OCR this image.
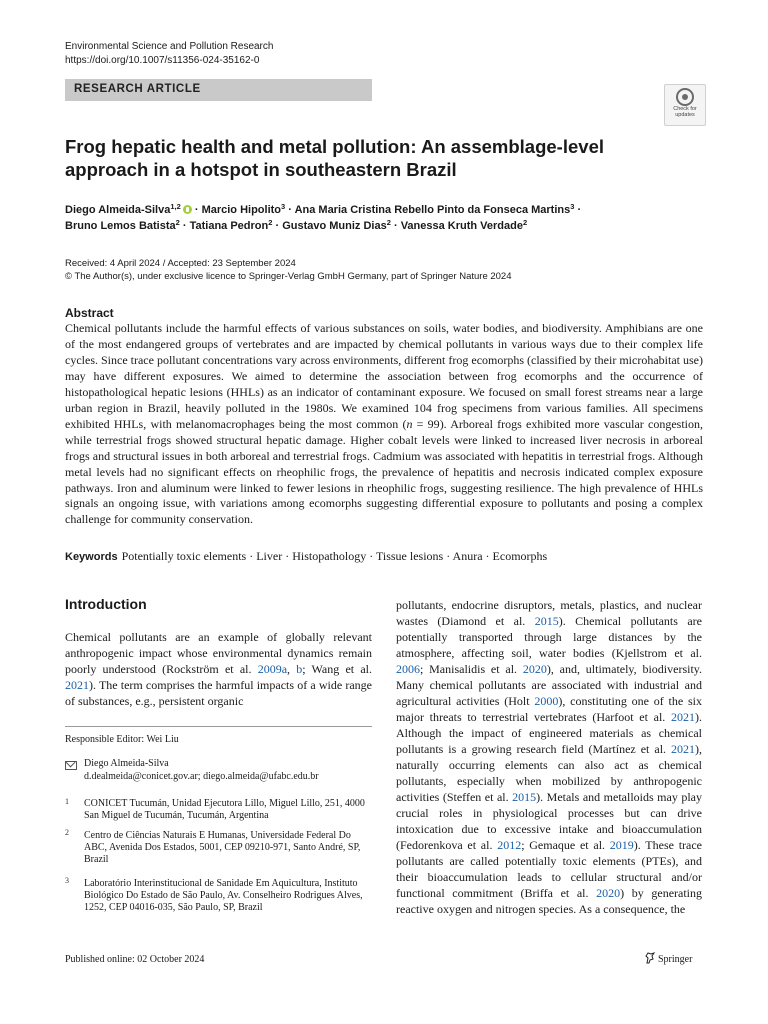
Environmental Science and Pollution Research
https://doi.org/10.1007/s11356-024-35162-0
RESEARCH ARTICLE
Check for
updates
Frog hepatic health and metal pollution: An assemblage-level approach in a hotspot in southeastern Brazil
Diego Almeida-Silva$^{1,2}$ · Marcio Hipolito$^3$ · Ana Maria Cristina Rebello Pinto da Fonseca Martins$^3$ ·
Bruno Lemos Batista$^2$ · Tatiana Pedron$^2$ · Gustavo Muniz Dias$^2$ · Vanessa Kruth Verdade$^2$
Received: 4 April 2024 / Accepted: 23 September 2024
© The Author(s), under exclusive licence to Springer-Verlag GmbH Germany, part of Springer Nature 2024
Abstract
Chemical pollutants include the harmful effects of various substances on soils, water bodies, and biodiversity. Amphibians are one of the most endangered groups of vertebrates and are impacted by chemical pollutants in various ways due to their complex life cycles. Since trace pollutant concentrations vary across environments, different frog ecomorphs (classified by their microhabitat use) may have different exposures. We aimed to determine the association between frog ecomorphs and the occurrence of histopathological hepatic lesions (HHLs) as an indicator of contaminant exposure. We focused on small forest streams near a large urban region in Brazil, heavily polluted in the 1980s. We examined 104 frog specimens from various families. All specimens exhibited HHLs, with melanomacrophages being the most common (n = 99). Arboreal frogs exhibited more vascular congestion, while terrestrial frogs showed structural hepatic damage. Higher cobalt levels were linked to increased liver necrosis in arboreal frogs and structural issues in both arboreal and terrestrial frogs. Cadmium was associated with hepatitis in terrestrial frogs. Although metal levels had no significant effects on rheophilic frogs, the prevalence of hepatitis and necrosis indicated complex exposure pathways. Iron and aluminum were linked to fewer lesions in rheophilic frogs, suggesting resilience. The high prevalence of HHLs signals an ongoing issue, with variations among ecomorphs suggesting differential exposure to pollutants and posing a complex challenge for community conservation.
Keywords Potentially toxic elements · Liver · Histopathology · Tissue lesions · Anura · Ecomorphs
Introduction
Chemical pollutants are an example of globally relevant anthropogenic impact whose environmental dynamics remain poorly understood (Rockström et al. 2009a, b; Wang et al. 2021). The term comprises the harmful impacts of a wide range of substances, e.g., persistent organic
pollutants, endocrine disruptors, metals, plastics, and nuclear wastes (Diamond et al. 2015). Chemical pollutants are potentially transported through large distances by the atmosphere, affecting soil, water bodies (Kjellstrom et al. 2006; Manisalidis et al. 2020), and, ultimately, biodiversity. Many chemical pollutants are associated with industrial and agricultural activities (Holt 2000), constituting one of the six major threats to terrestrial vertebrates (Harfoot et al. 2021). Although the impact of engineered materials as chemical pollutants is a growing research field (Martínez et al. 2021), naturally occurring elements can also act as chemical pollutants, especially when mobilized by anthropogenic activities (Steffen et al. 2015). Metals and metalloids may play crucial roles in physiological processes but can drive intoxication due to excessive intake and bioaccumulation (Fedorenkova et al. 2012; Gemaque et al. 2019). These trace pollutants are called potentially toxic elements (PTEs), and their bioaccumulation leads to cellular structural and/or functional commitment (Briffa et al. 2020) by generating reactive oxygen and nitrogen species. As a consequence, the
Responsible Editor: Wei Liu
Diego Almeida-Silva
d.dealmeida@conicet.gov.ar; diego.almeida@ufabc.edu.br
1 CONICET Tucumán, Unidad Ejecutora Lillo, Miguel Lillo, 251, 4000 San Miguel de Tucumán, Tucumán, Argentina
2 Centro de Ciências Naturais E Humanas, Universidade Federal Do ABC, Avenida Dos Estados, 5001, CEP 09210-971, Santo André, SP, Brazil
3 Laboratório Interinstitucional de Sanidade Em Aquicultura, Instituto Biológico Do Estado de São Paulo, Av. Conselheiro Rodrigues Alves, 1252, CEP 04016-035, São Paulo, SP, Brazil
Published online: 02 October 2024	Springer
